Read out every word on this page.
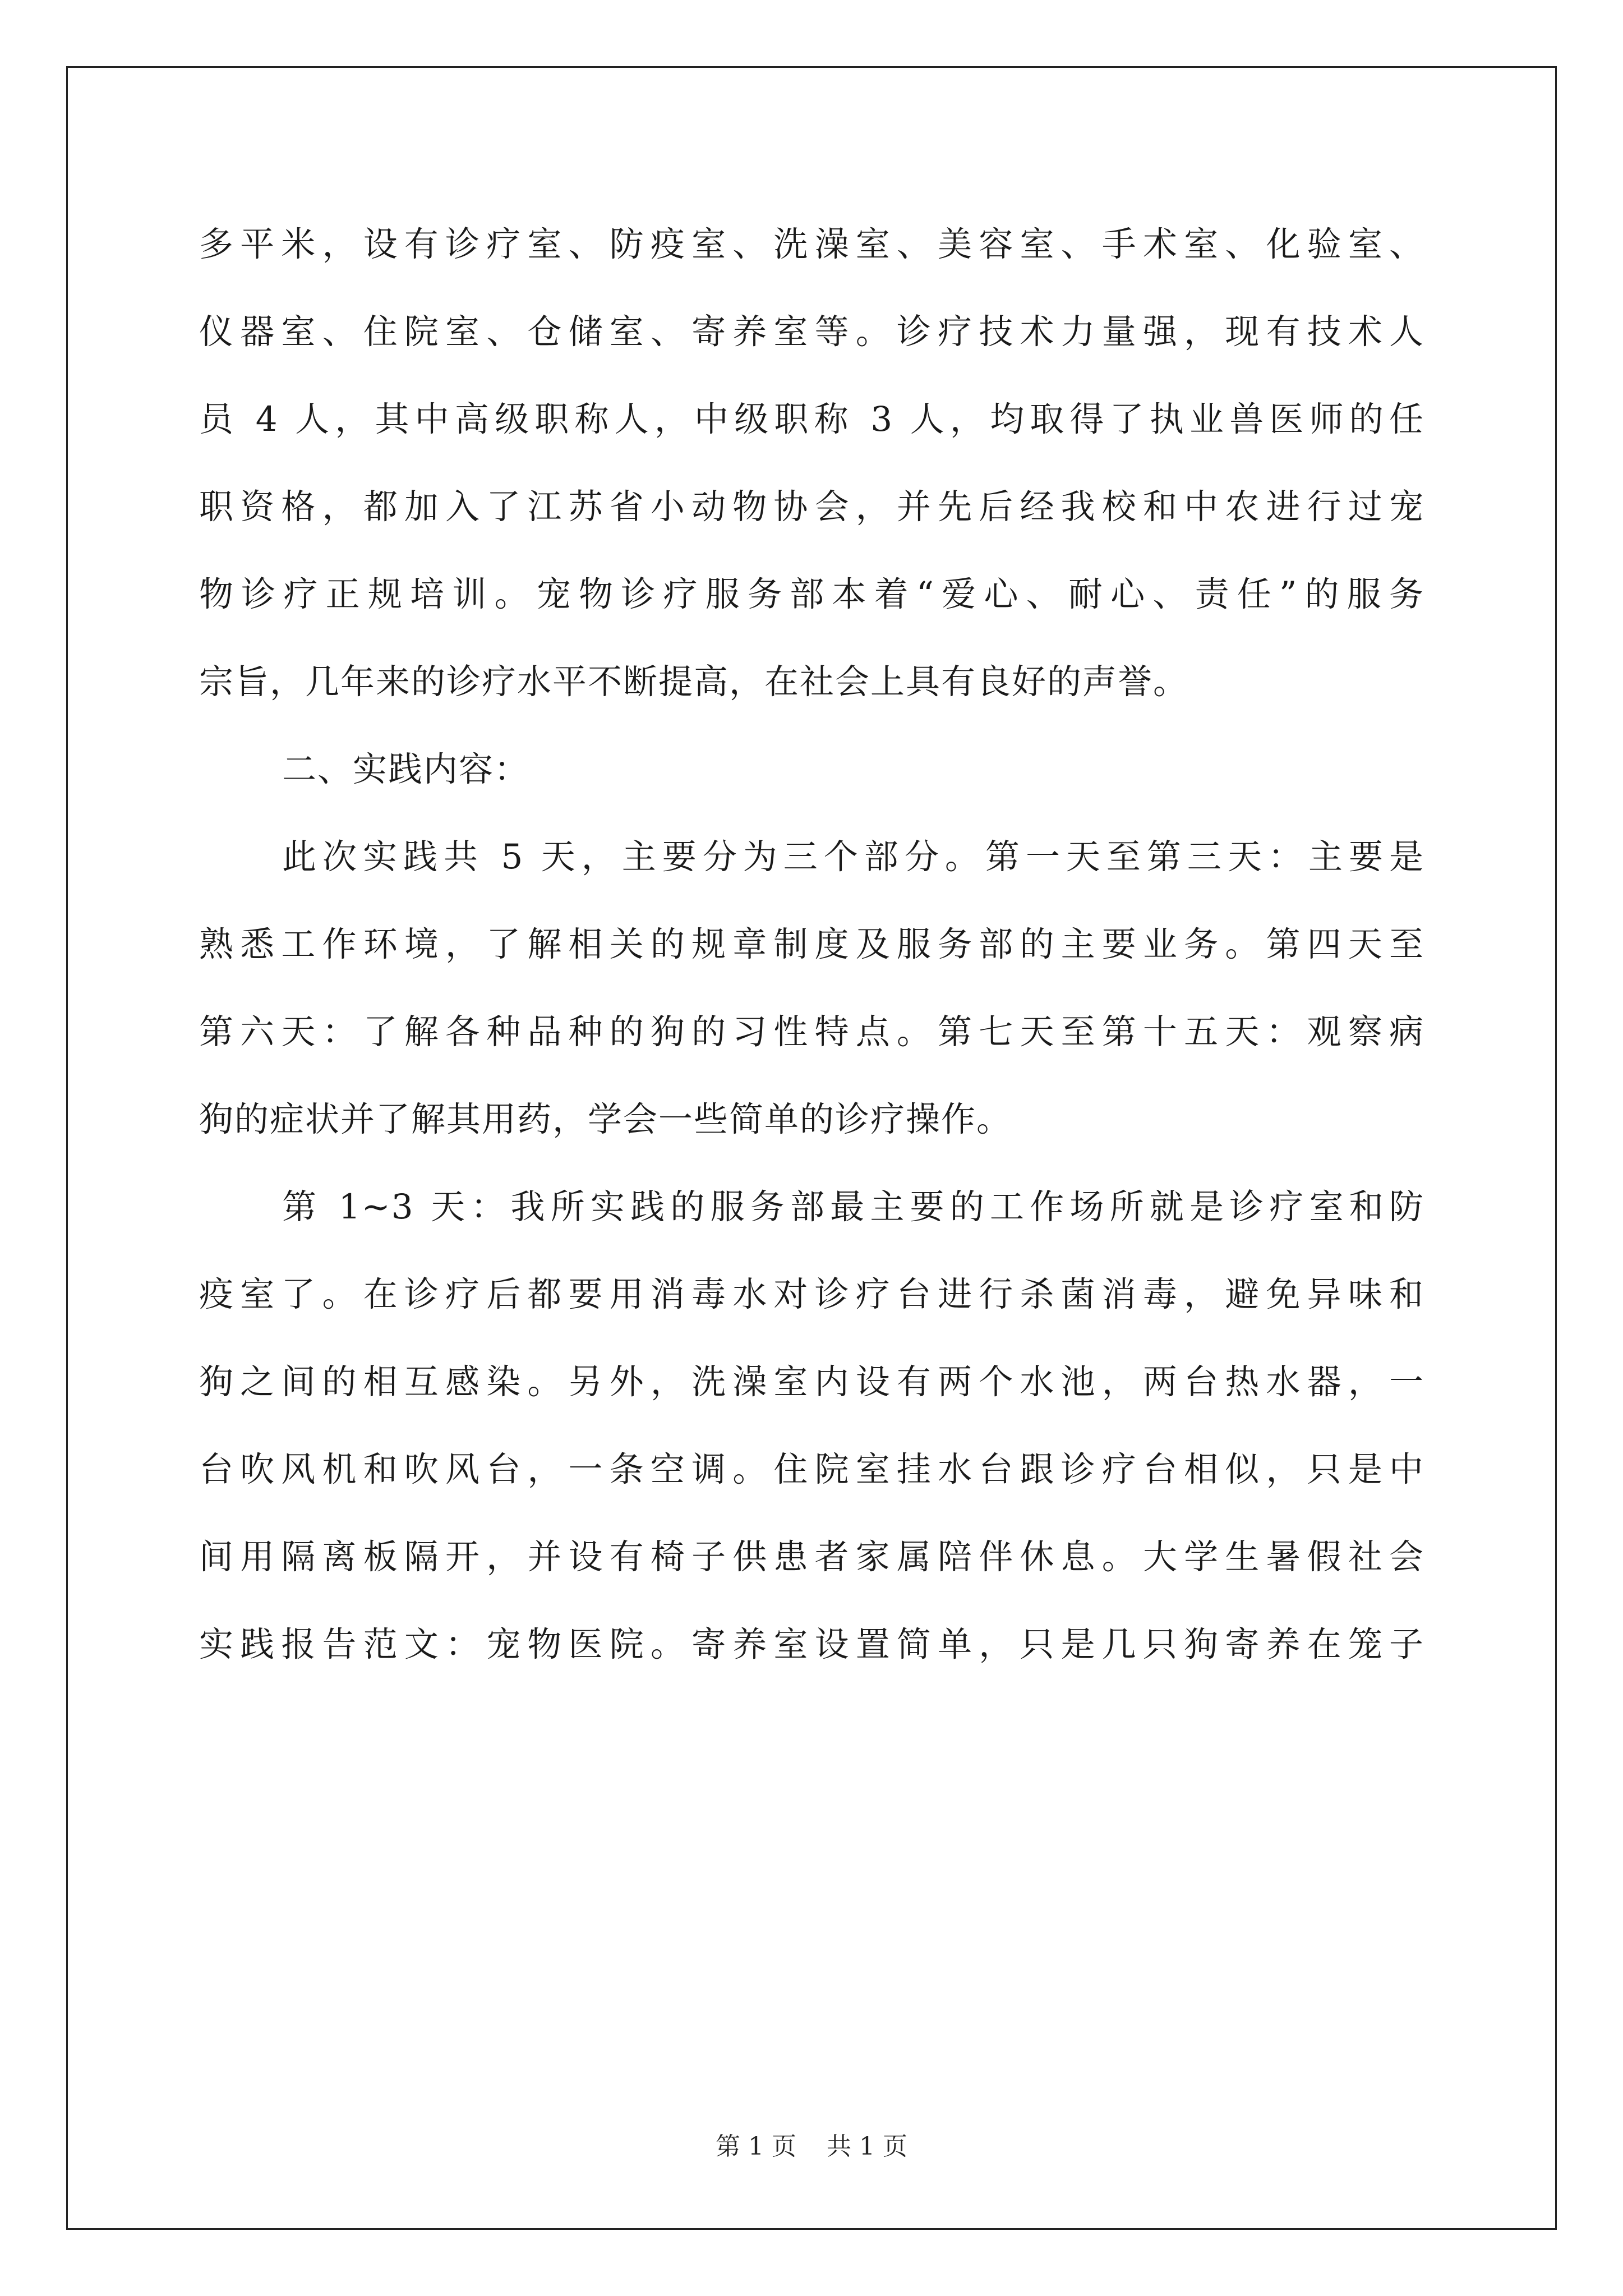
多平米，设有诊疗室、防疫室、洗澡室、美容室、手术室、化验室、
仪器室、住院室、仓储室、寄养室等。诊疗技术力量强，现有技术人
员 4 人，其中高级职称人，中级职称 3 人，均取得了执业兽医师的任
职资格，都加入了江苏省小动物协会，并先后经我校和中农进行过宠
物诊疗正规培训。宠物诊疗服务部本着“爱心、耐心、责任”的服务
宗旨，几年来的诊疗水平不断提高，在社会上具有良好的声誉。
二、实践内容：
此次实践共 5 天，主要分为三个部分。第一天至第三天：主要是
熟悉工作环境，了解相关的规章制度及服务部的主要业务。第四天至
第六天：了解各种品种的狗的习性特点。第七天至第十五天：观察病
狗的症状并了解其用药，学会一些简单的诊疗操作。
第 1~3 天：我所实践的服务部最主要的工作场所就是诊疗室和防
疫室了。在诊疗后都要用消毒水对诊疗台进行杀菌消毒，避免异味和
狗之间的相互感染。另外，洗澡室内设有两个水池，两台热水器，一
台吹风机和吹风台，一条空调。住院室挂水台跟诊疗台相似，只是中
间用隔离板隔开，并设有椅子供患者家属陪伴休息。大学生暑假社会
实践报告范文：宠物医院。寄养室设置简单，只是几只狗寄养在笼子
第 1 页 共 1 页
